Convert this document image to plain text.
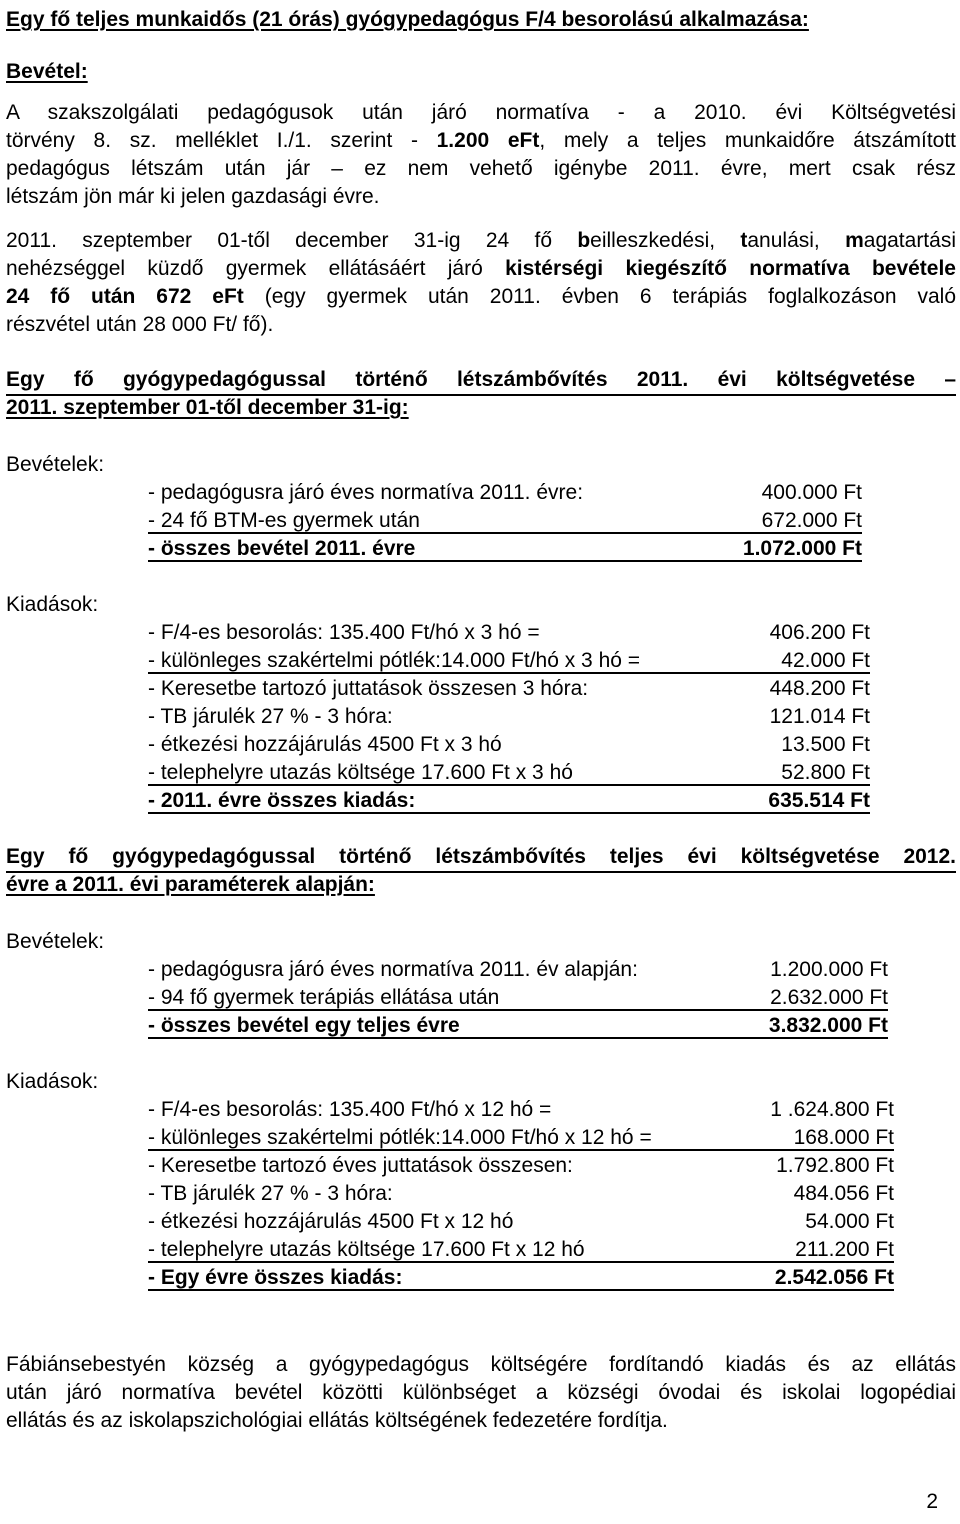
Egy fő teljes munkaidős (21 órás) gyógypedagógus F/4 besorolású alkalmazása:
Bevétel:
A szakszolgálati pedagógusok után járó normatíva - a 2010. évi Költségvetési
törvény 8. sz. melléklet I./1. szerint - 1.200 eFt, mely a teljes munkaidőre átszámított
pedagógus létszám után jár – ez nem vehető igénybe 2011. évre, mert csak rész
létszám jön már ki jelen gazdasági évre.
2011. szeptember 01-től december 31-ig 24 fő beilleszkedési, tanulási, magatartási
nehézséggel küzdő gyermek ellátásáért járó kistérségi kiegészítő normatíva bevétele
24 fő után 672 eFt (egy gyermek után 2011. évben 6 terápiás foglalkozáson való
részvétel után 28 000 Ft/ fő).
Egy fő gyógypedagógussal történő létszámbővítés 2011. évi költségvetése –
2011. szeptember 01-től december 31-ig:
Bevételek:
- pedagógusra járó éves normatíva 2011. évre:	400.000 Ft
- 24 fő BTM-es gyermek után	672.000 Ft
- összes bevétel 2011. évre	1.072.000 Ft
Kiadások:
- F/4-es besorolás: 135.400 Ft/hó x 3 hó =	406.200 Ft
- különleges szakértelmi pótlék:14.000 Ft/hó x 3 hó =	42.000 Ft
- Keresetbe tartozó juttatások összesen 3 hóra:	448.200 Ft
- TB járulék 27 % - 3 hóra:	121.014 Ft
- étkezési hozzájárulás 4500 Ft x 3 hó	13.500 Ft
- telephelyre utazás költsége 17.600 Ft x 3 hó	52.800 Ft
- 2011. évre összes kiadás:	635.514 Ft
Egy fő gyógypedagógussal történő létszámbővítés teljes évi költségvetése 2012.
évre a 2011. évi paraméterek alapján:
Bevételek:
- pedagógusra járó éves normatíva 2011. év alapján:	1.200.000 Ft
- 94 fő gyermek terápiás ellátása után	2.632.000 Ft
- összes bevétel egy teljes évre	3.832.000 Ft
Kiadások:
- F/4-es besorolás: 135.400 Ft/hó x 12 hó =	1 .624.800 Ft
- különleges szakértelmi pótlék:14.000 Ft/hó x 12 hó =	168.000 Ft
- Keresetbe tartozó éves juttatások összesen:	1.792.800 Ft
- TB járulék 27 % - 3 hóra:	484.056 Ft
- étkezési hozzájárulás 4500 Ft x 12 hó	54.000 Ft
- telephelyre utazás költsége 17.600 Ft x 12 hó	211.200 Ft
- Egy évre összes kiadás:	2.542.056 Ft
Fábiánsebestyén község a gyógypedagógus költségére fordítandó kiadás és az ellátás
után járó normatíva bevétel közötti különbséget a községi óvodai és iskolai logopédiai
ellátás és az iskolapszichológiai ellátás költségének fedezetére fordítja.
2
